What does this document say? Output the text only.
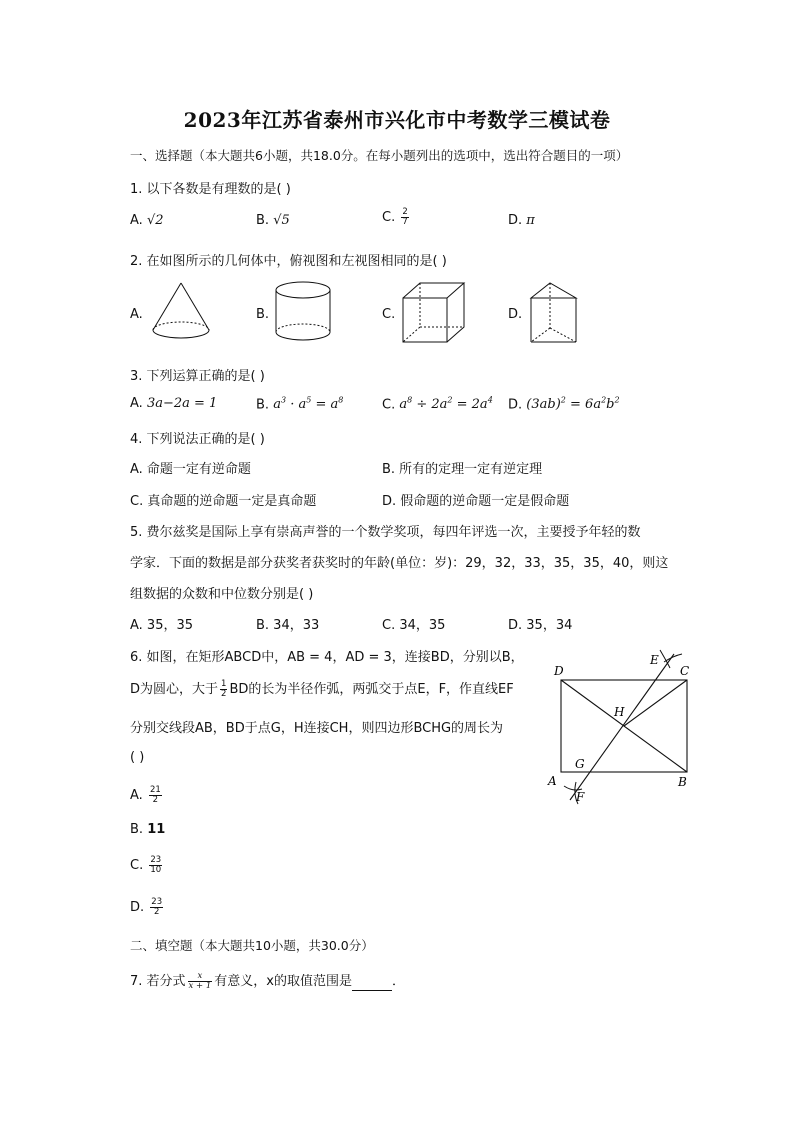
2023年江苏省泰州市兴化市中考数学三模试卷
一、选择题（本大题共6小题，共18.0分。在每小题列出的选项中，选出符合题目的一项）
1. 以下各数是有理数的是( )
A. √2	B. √5	C. $\frac{2}{7}$	D. π
2. 在如图所示的几何体中，俯视图和左视图相同的是( )
A.	B.	C.	D.
3. 下列运算正确的是( )
A. 3a−2a = 1	B. $a^3 \cdot a^5 = a^8$	C. $a^8 \div 2a^2 = 2a^4$ D. $(3ab)^2 = 6a^2b^2$
4. 下列说法正确的是( )
A. 命题一定有逆命题	B. 所有的定理一定有逆定理
C. 真命题的逆命题一定是真命题	D. 假命题的逆命题一定是假命题
5. 费尔兹奖是国际上享有崇高声誉的一个数学奖项，每四年评选一次，主要授予年轻的数
学家．下面的数据是部分获奖者获奖时的年龄(单位：岁)：29，32，33，35，35，40，则这
组数据的众数和中位数分别是( )
A. 35，35	B. 34，33	C. 34，35	D. 35，34
6. 如图，在矩形ABCD中，AB = 4，AD = 3，连接BD，分别以B，
D为圆心，大于 $\frac{1}{2}$ BD的长为半径作弧，两弧交于点E，F，作直线EF
分别交线段AB，BD于点G，H连接CH，则四边形BCHG的周长为
( )
A. $\frac{21}{2}$
B. 11
C. $\frac{23}{10}$
D. $\frac{23}{2}$
D	C
E
H
G
A	B
F
二、填空题（本大题共10小题，共30.0分）
7. 若分式 $\frac{x}{x + 1}$ 有意义，x的取值范围是	．
